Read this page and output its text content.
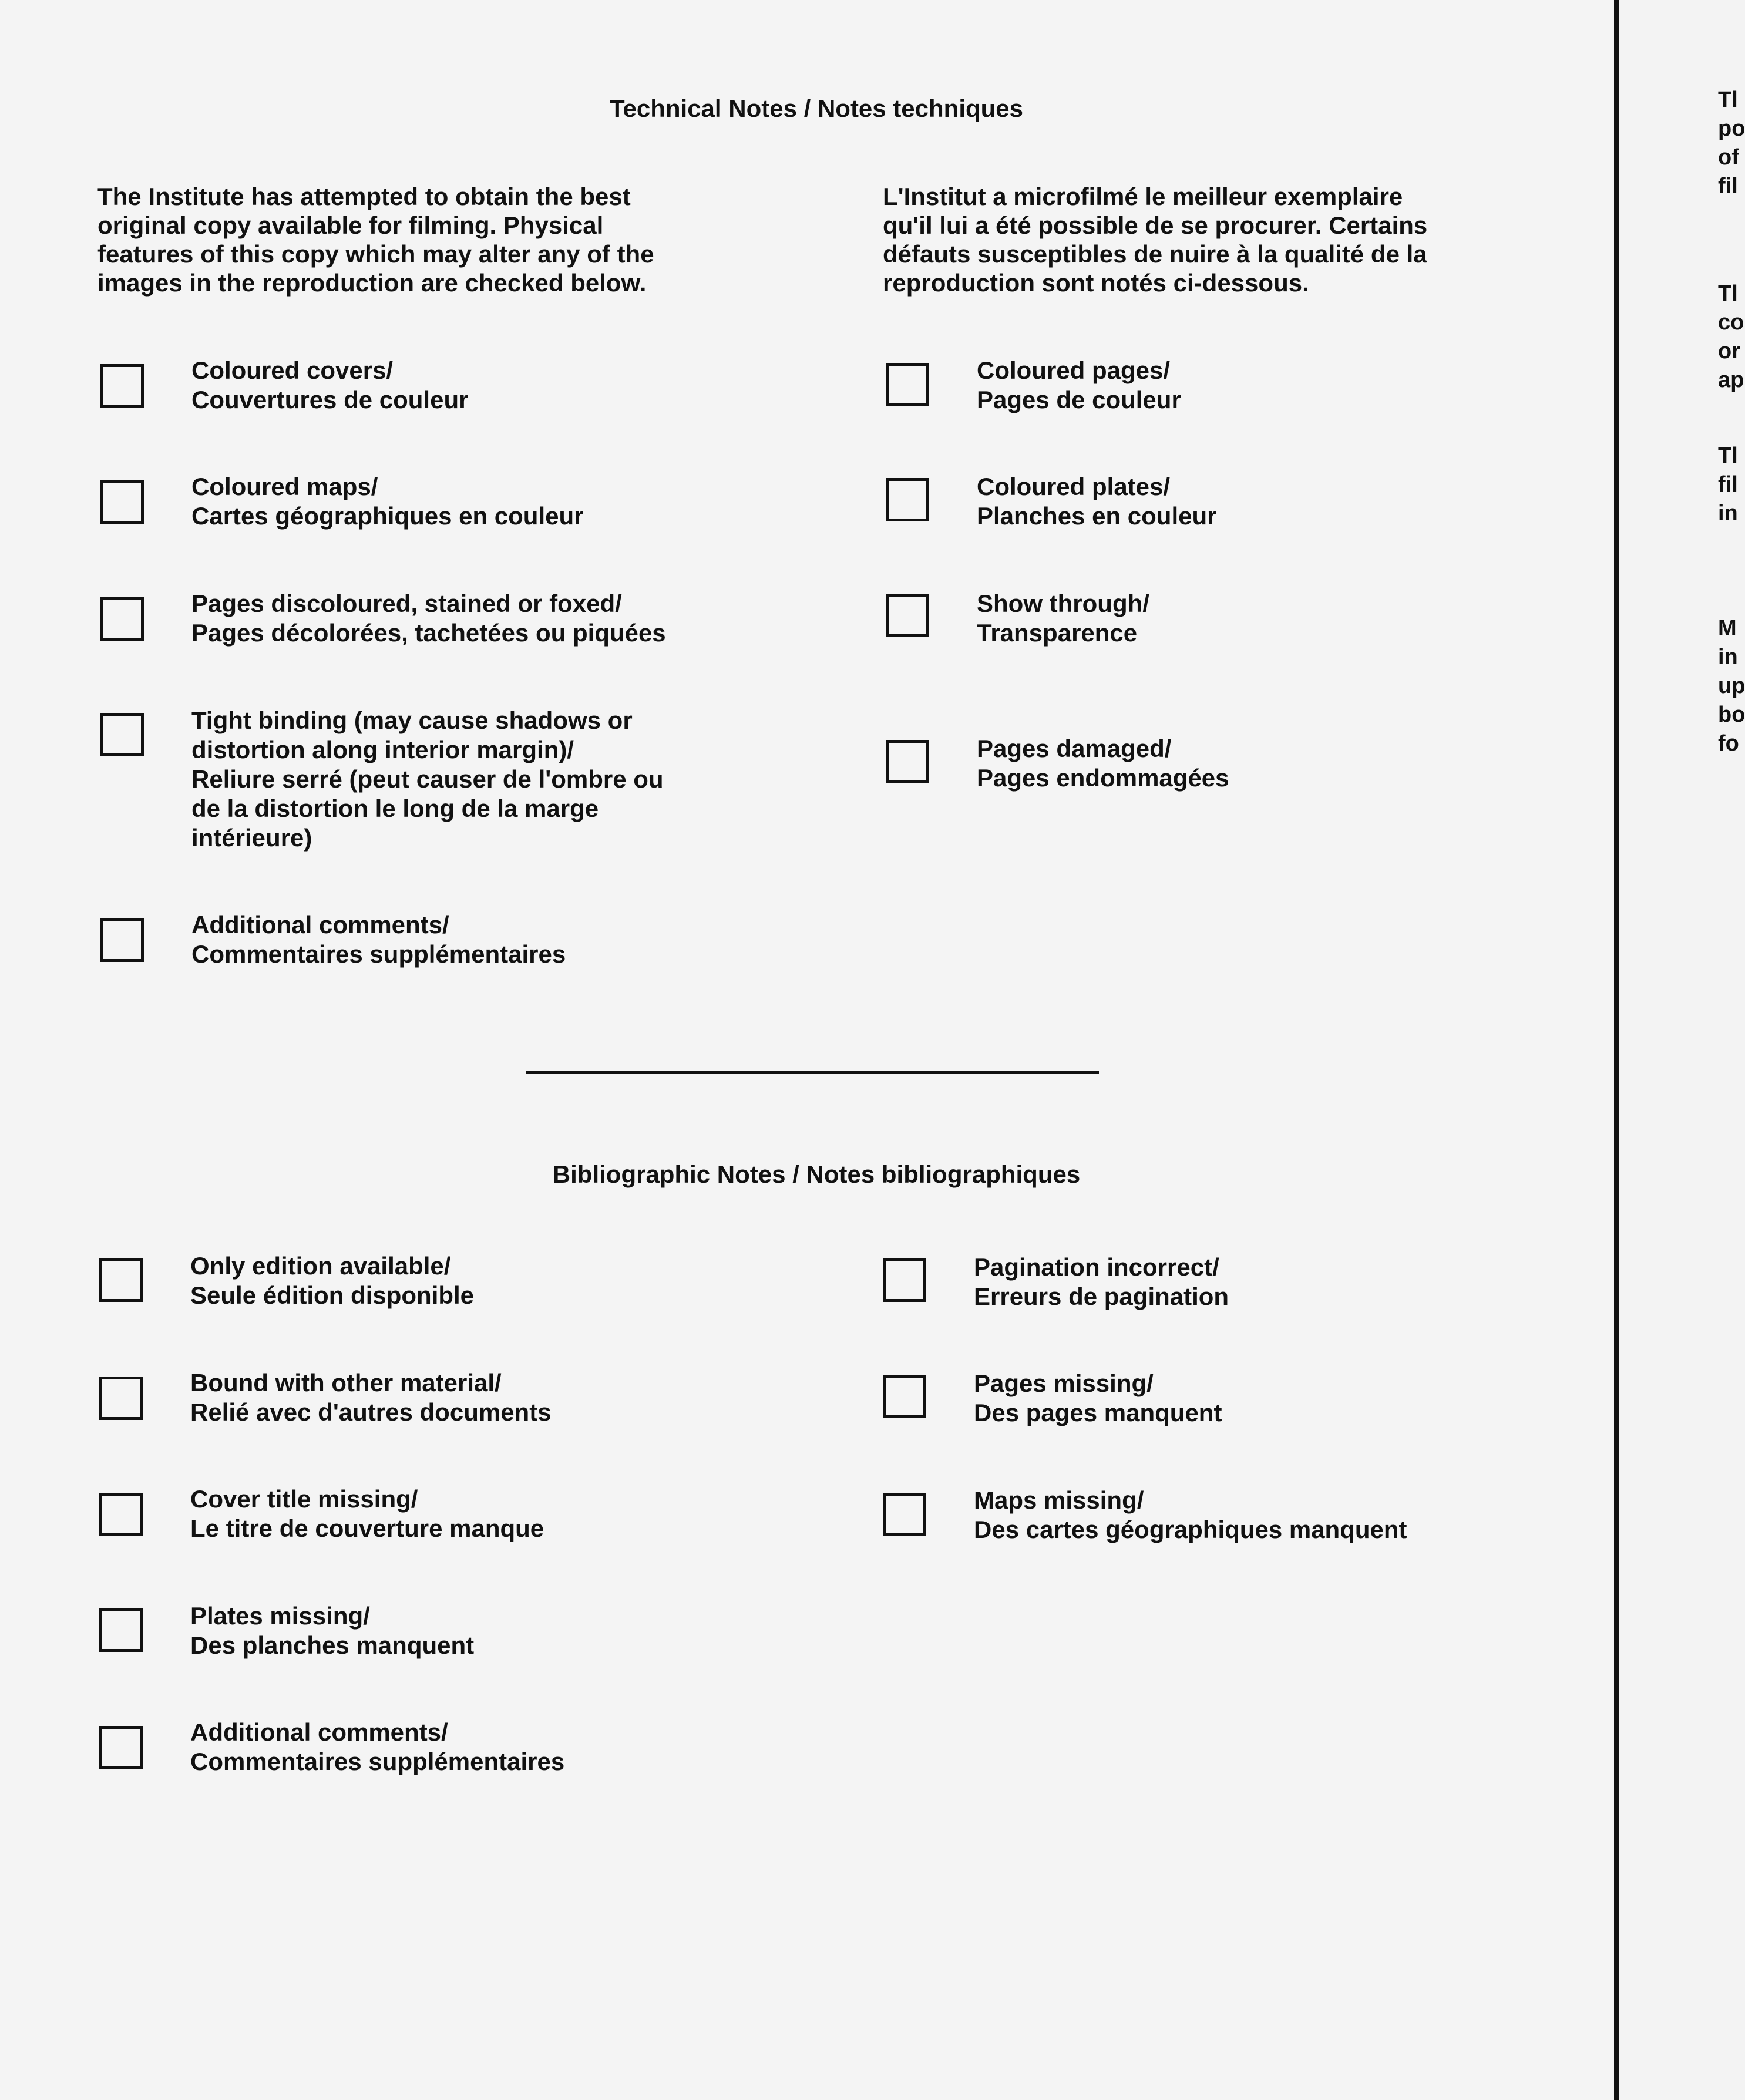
Technical Notes / Notes techniques
The Institute has attempted to obtain the best
original copy available for filming. Physical
features of this copy which may alter any of the
images in the reproduction are checked below.
L'Institut a microfilmé le meilleur exemplaire
qu'il lui a été possible de se procurer. Certains
défauts susceptibles de nuire à la qualité de la
reproduction sont notés ci-dessous.
Coloured covers/
Couvertures de couleur
Coloured maps/
Cartes géographiques en couleur
Pages discoloured, stained or foxed/
Pages décolorées, tachetées ou piquées
Tight binding (may cause shadows or
distortion along interior margin)/
Reliure serré (peut causer de l'ombre ou
de la distortion le long de la marge
intérieure)
Additional comments/
Commentaires supplémentaires
Coloured pages/
Pages de couleur
Coloured plates/
Planches en couleur
Show through/
Transparence
Pages damaged/
Pages endommagées
Bibliographic Notes / Notes bibliographiques
Only edition available/
Seule édition disponible
Bound with other material/
Relié avec d'autres documents
Cover title missing/
Le titre de couverture manque
Plates missing/
Des planches manquent
Additional comments/
Commentaires supplémentaires
Pagination incorrect/
Erreurs de pagination
Pages missing/
Des pages manquent
Maps missing/
Des cartes géographiques manquent
Tl
po
of
fil
Tl
co
or
ap
Tl
fil
in
M
in
up
bo
fo
